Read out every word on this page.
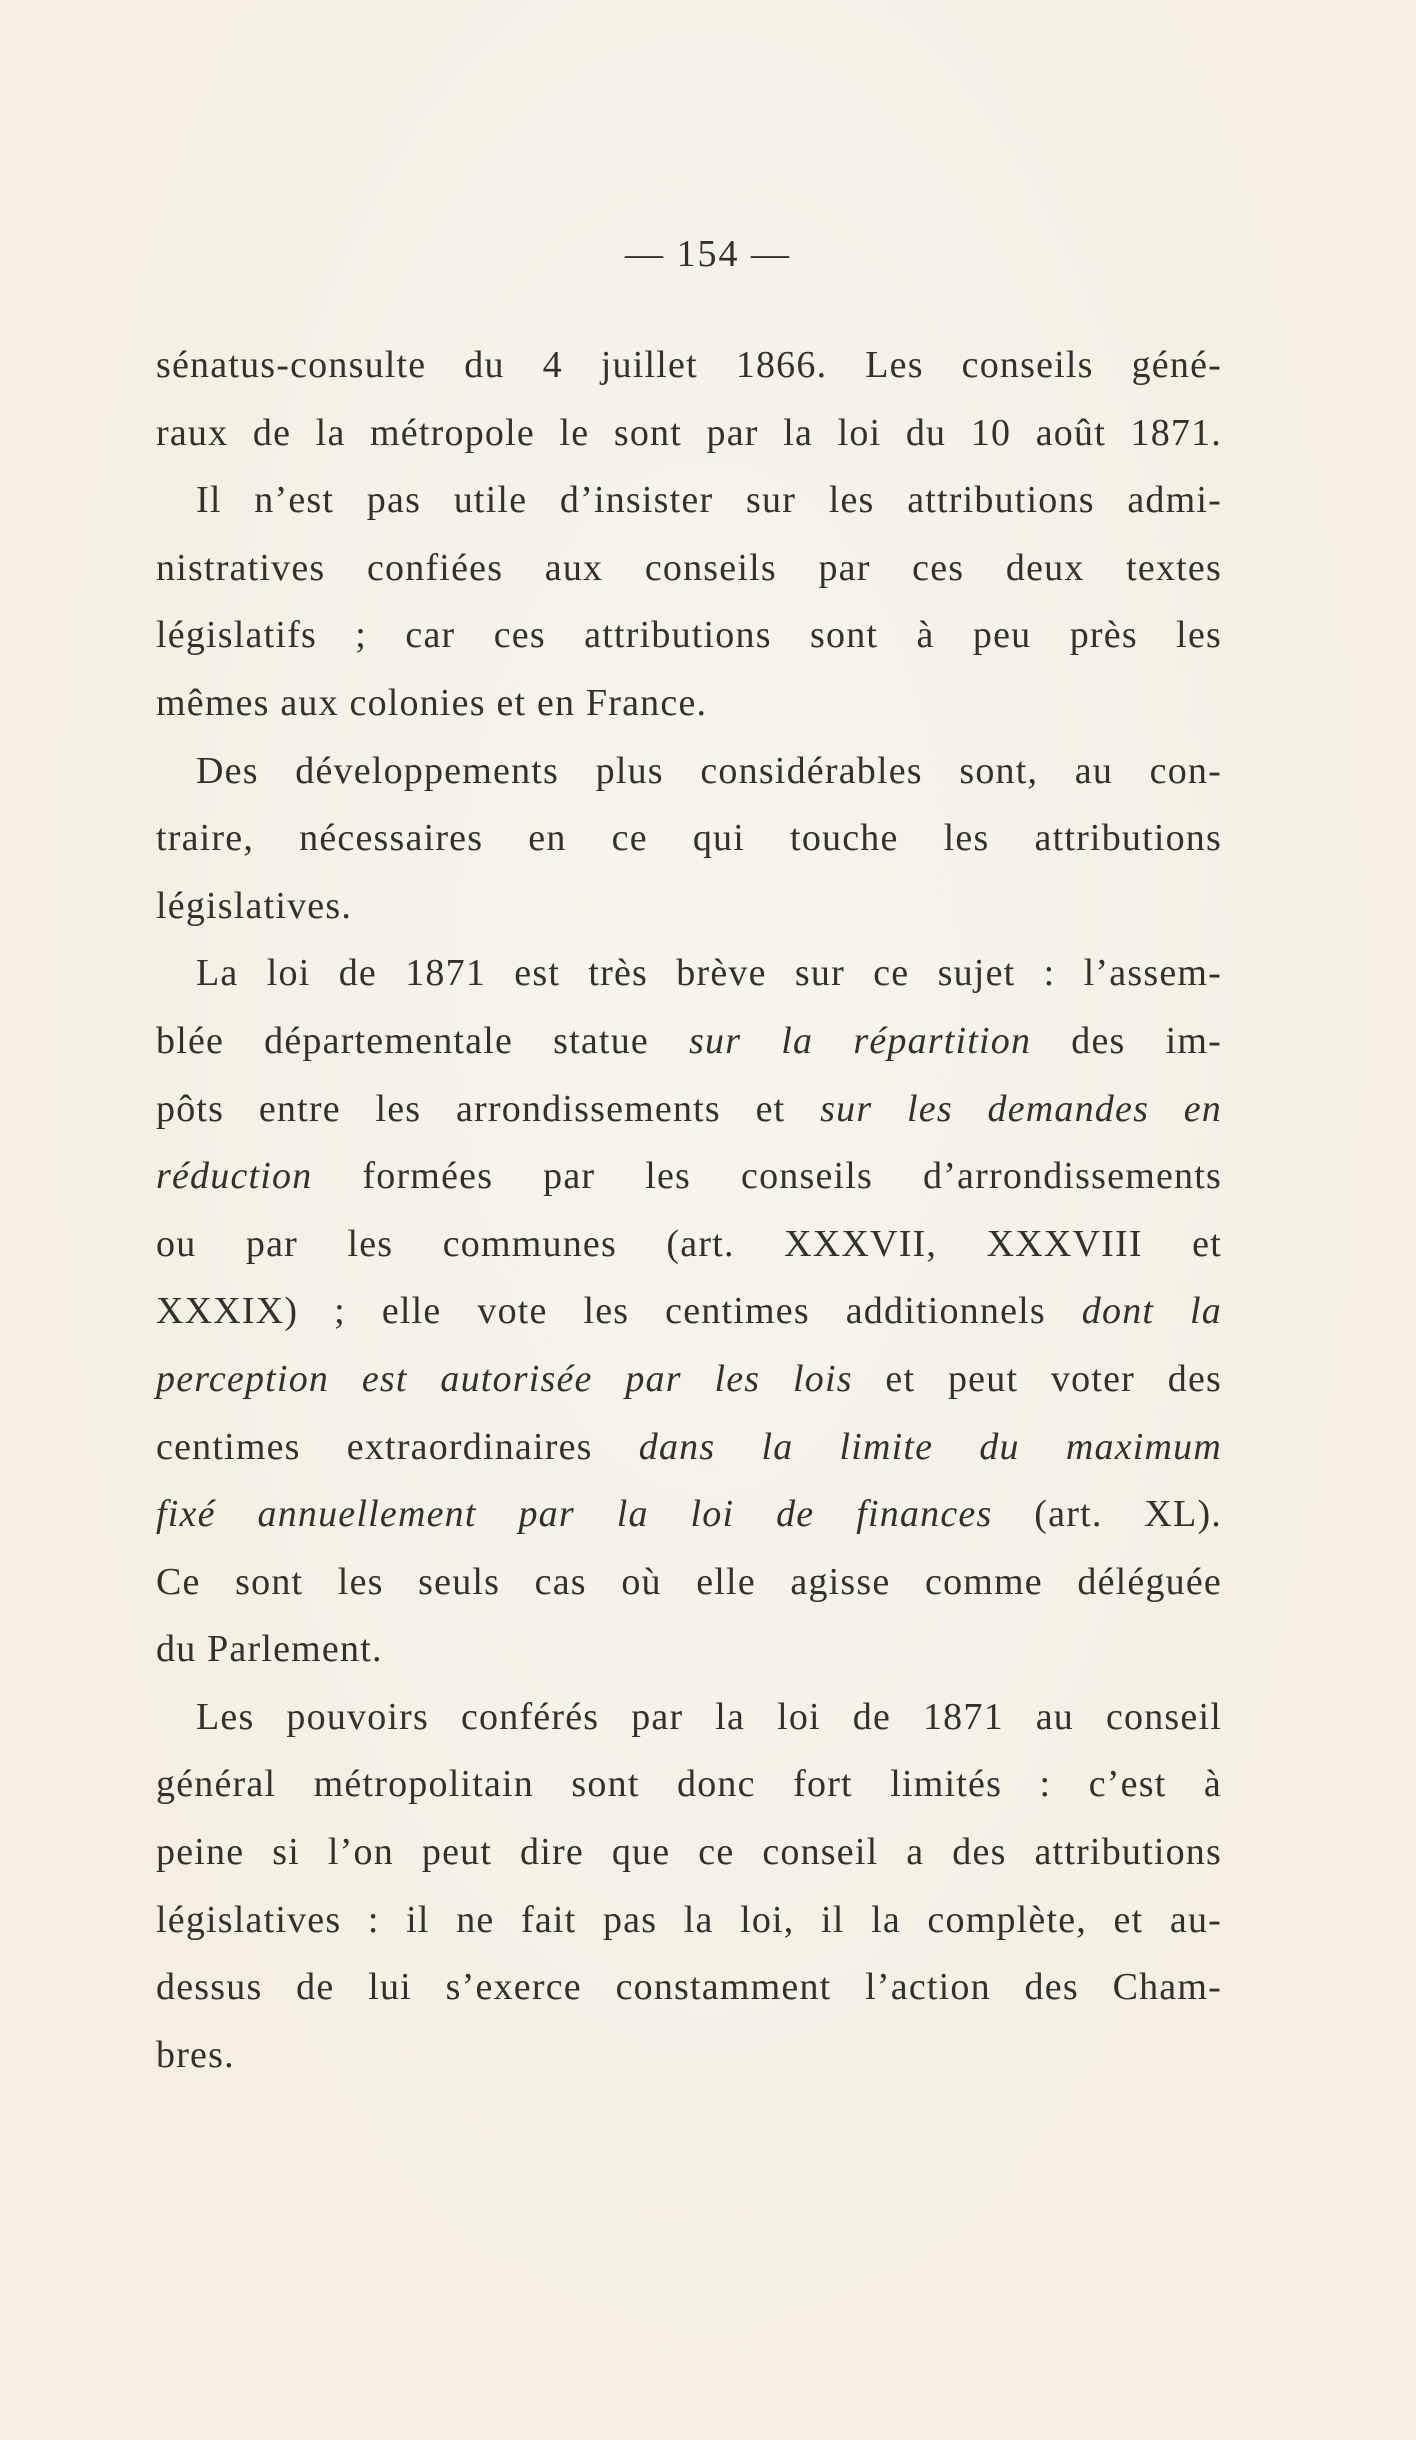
— 154 —
sénatus-consulte du 4 juillet 1866. Les conseils géné-
raux de la métropole le sont par la loi du 10 août 1871.
Il n’est pas utile d’insister sur les attributions admi-
nistratives confiées aux conseils par ces deux textes
législatifs ; car ces attributions sont à peu près les
mêmes aux colonies et en France.
Des développements plus considérables sont, au con-
traire, nécessaires en ce qui touche les attributions
législatives.
La loi de 1871 est très brève sur ce sujet : l’assem-
blée départementale statue sur la répartition des im-
pôts entre les arrondissements et sur les demandes en
réduction formées par les conseils d’arrondissements
ou par les communes (art. XXXVII, XXXVIII et
XXXIX) ; elle vote les centimes additionnels dont la
perception est autorisée par les lois et peut voter des
centimes extraordinaires dans la limite du maximum
fixé annuellement par la loi de finances (art. XL).
Ce sont les seuls cas où elle agisse comme déléguée
du Parlement.
Les pouvoirs conférés par la loi de 1871 au conseil
général métropolitain sont donc fort limités : c’est à
peine si l’on peut dire que ce conseil a des attributions
législatives : il ne fait pas la loi, il la complète, et au-
dessus de lui s’exerce constamment l’action des Cham-
bres.
